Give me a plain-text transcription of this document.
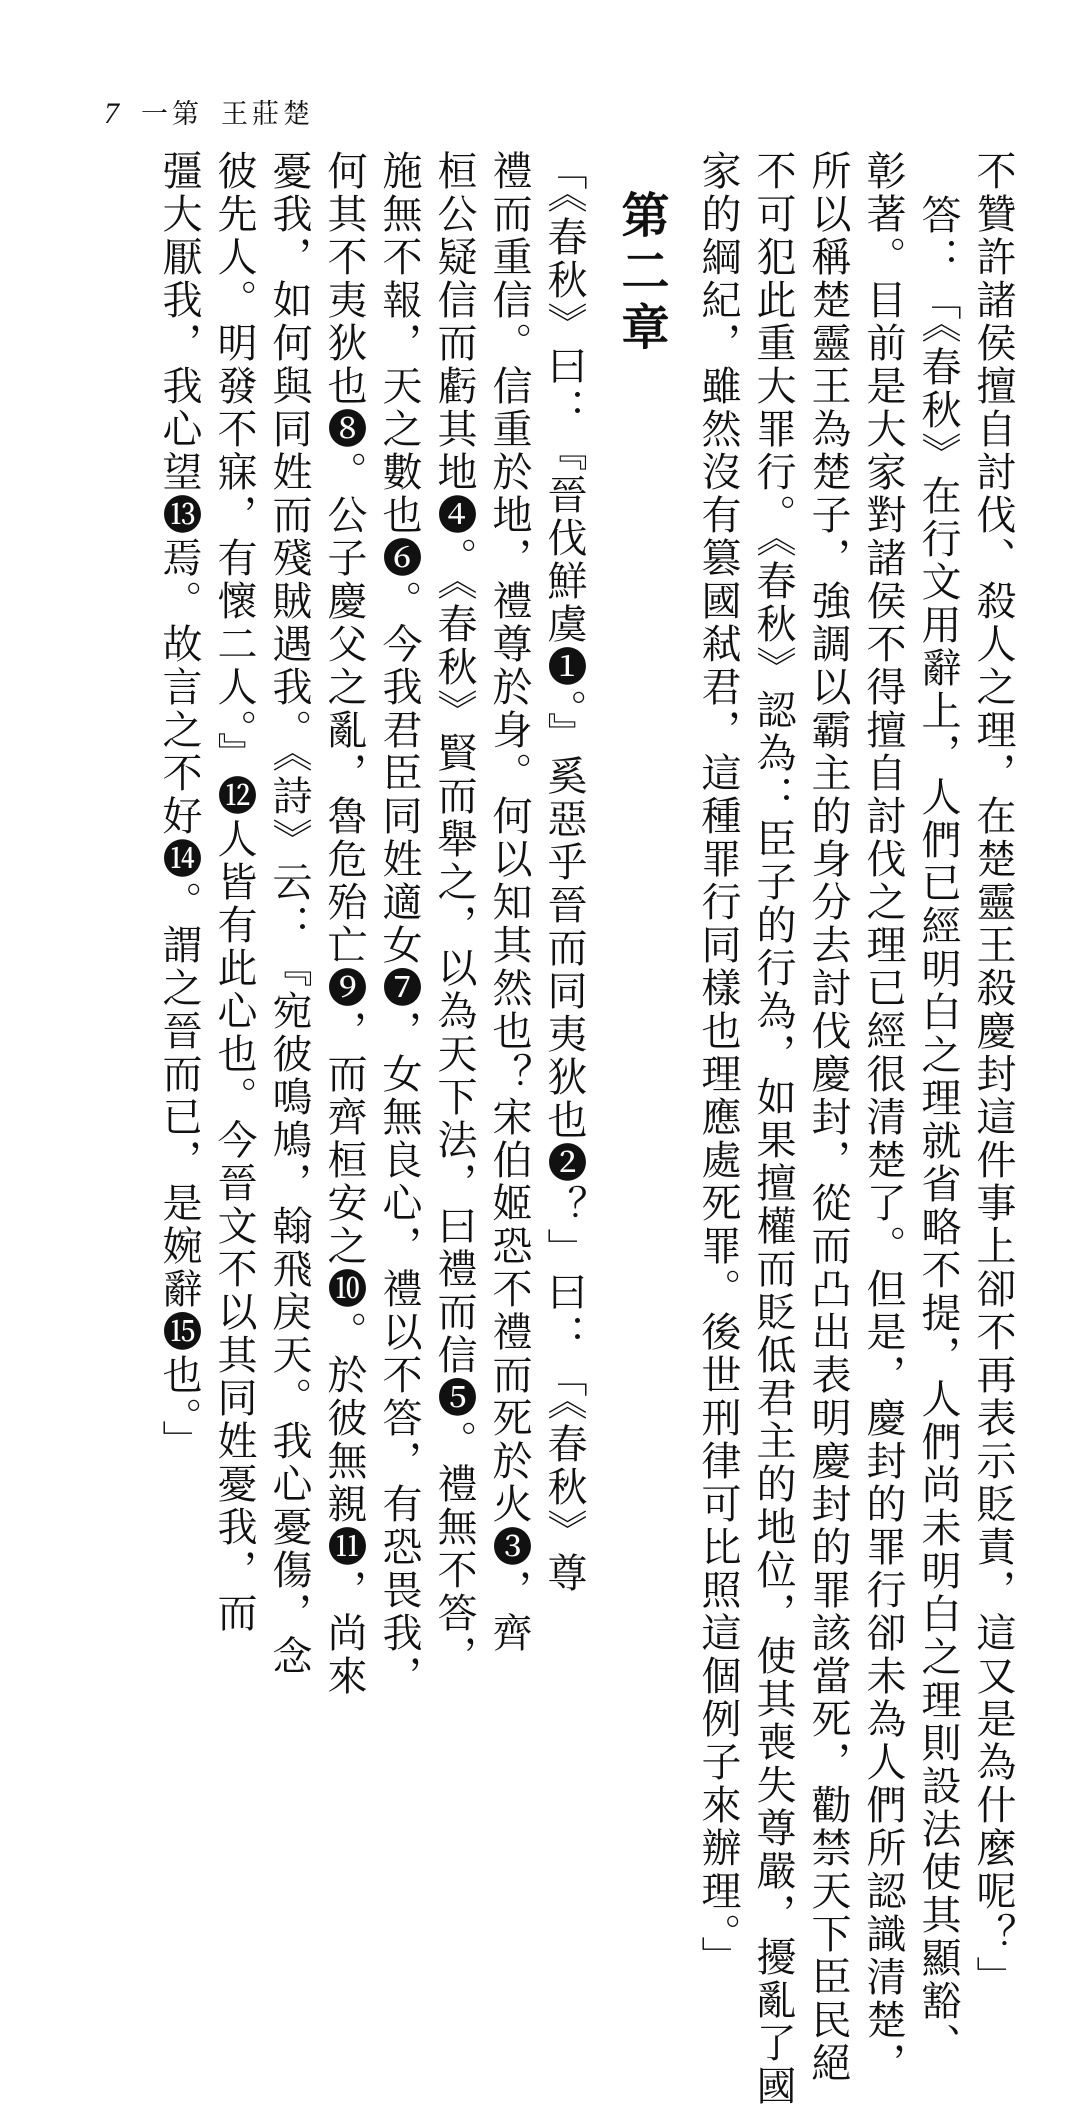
7 一第 王莊楚
不贊許諸侯擅自討伐、殺人之理，在楚靈王殺慶封這件事上卻不再表示貶責，這又是為什麼呢？」
答：「《春秋》在行文用辭上，人們已經明白之理就省略不提，人們尚未明白之理則設法使其顯豁、
彰著。目前是大家對諸侯不得擅自討伐之理已經很清楚了。但是，慶封的罪行卻未為人們所認識清楚，
所以稱楚靈王為楚子，強調以霸主的身分去討伐慶封，從而凸出表明慶封的罪該當死，勸禁天下臣民絕
不可犯此重大罪行。《春秋》認為：臣子的行為，如果擅權而貶低君主的地位，使其喪失尊嚴，擾亂了國
家的綱紀，雖然沒有篡國弒君，這種罪行同樣也理應處死罪。後世刑律可比照這個例子來辦理。」
第二章
「《春秋》曰：『晉伐鮮虞❶。』奚惡乎晉而同夷狄也❷？」曰：「《春秋》尊
禮而重信。信重於地，禮尊於身。何以知其然也？宋伯姬恐不禮而死於火❸，齊
桓公疑信而虧其地❹。《春秋》賢而舉之，以為天下法，曰禮而信❺。禮無不答，
施無不報，天之數也❻。今我君臣同姓適女❼，女無良心，禮以不答，有恐畏我，
何其不夷狄也❽。公子慶父之亂，魯危殆亡❾，而齊桓安之❿。於彼無親⓫，尚來
憂我，如何與同姓而殘賊遇我。《詩》云：『宛彼鳴鳩，翰飛戾天。我心憂傷，念
彼先人。明發不寐，有懷二人。』⓬人皆有此心也。今晉文不以其同姓憂我，而
彊大厭我，我心望⓭焉。故言之不好⓮。謂之晉而已，是婉辭⓯也。」
